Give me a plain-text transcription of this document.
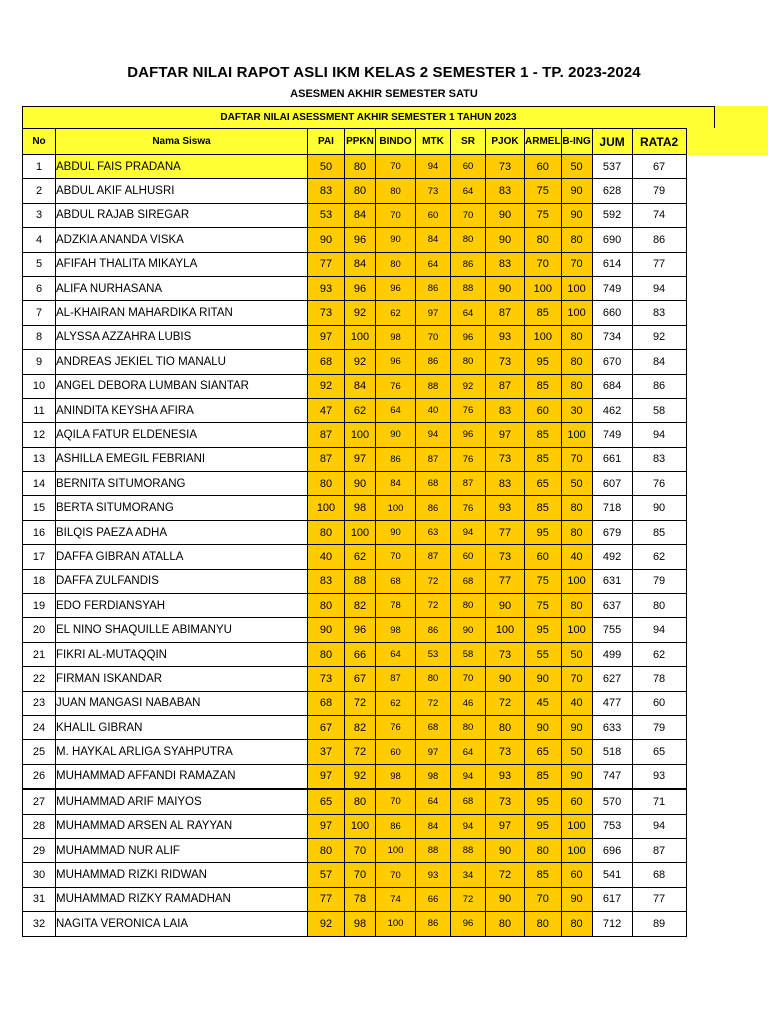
DAFTAR NILAI RAPOT ASLI IKM KELAS 2 SEMESTER 1 - TP. 2023-2024
ASESMEN AKHIR SEMESTER SATU
DAFTAR NILAI ASESSMENT AKHIR SEMESTER 1 TAHUN 2023
No	Nama Siswa	PAI	PPKN	BINDO	MTK	SR	PJOK	ARMEL	B-ING	JUM	RATA2
1	ABDUL FAIS PRADANA	50	80	70	94	60	73	60	50	537	67
2	ABDUL AKIF ALHUSRI	83	80	80	73	64	83	75	90	628	79
3	ABDUL RAJAB SIREGAR	53	84	70	60	70	90	75	90	592	74
4	ADZKIA ANANDA VISKA	90	96	90	84	80	90	80	80	690	86
5	AFIFAH THALITA MIKAYLA	77	84	80	64	86	83	70	70	614	77
6	ALIFA NURHASANA	93	96	96	86	88	90	100	100	749	94
7	AL-KHAIRAN MAHARDIKA RITAN	73	92	62	97	64	87	85	100	660	83
8	ALYSSA AZZAHRA LUBIS	97	100	98	70	96	93	100	80	734	92
9	ANDREAS JEKIEL TIO MANALU	68	92	96	86	80	73	95	80	670	84
10	ANGEL DEBORA LUMBAN SIANTAR	92	84	76	88	92	87	85	80	684	86
11	ANINDITA KEYSHA AFIRA	47	62	64	40	76	83	60	30	462	58
12	AQILA FATUR ELDENESIA	87	100	90	94	96	97	85	100	749	94
13	ASHILLA EMEGIL FEBRIANI	87	97	86	87	76	73	85	70	661	83
14	BERNITA SITUMORANG	80	90	84	68	87	83	65	50	607	76
15	BERTA SITUMORANG	100	98	100	86	76	93	85	80	718	90
16	BILQIS PAEZA ADHA	80	100	90	63	94	77	95	80	679	85
17	DAFFA GIBRAN ATALLA	40	62	70	87	60	73	60	40	492	62
18	DAFFA ZULFANDIS	83	88	68	72	68	77	75	100	631	79
19	EDO FERDIANSYAH	80	82	78	72	80	90	75	80	637	80
20	EL NINO SHAQUILLE ABIMANYU	90	96	98	86	90	100	95	100	755	94
21	FIKRI AL-MUTAQQIN	80	66	64	53	58	73	55	50	499	62
22	FIRMAN ISKANDAR	73	67	87	80	70	90	90	70	627	78
23	JUAN MANGASI NABABAN	68	72	62	72	46	72	45	40	477	60
24	KHALIL GIBRAN	67	82	76	68	80	80	90	90	633	79
25	M. HAYKAL ARLIGA SYAHPUTRA	37	72	60	97	64	73	65	50	518	65
26	MUHAMMAD AFFANDI RAMAZAN	97	92	98	98	94	93	85	90	747	93
27	MUHAMMAD ARIF MAIYOS	65	80	70	64	68	73	95	60	570	71
28	MUHAMMAD ARSEN AL RAYYAN	97	100	86	84	94	97	95	100	753	94
29	MUHAMMAD NUR ALIF	80	70	100	88	88	90	80	100	696	87
30	MUHAMMAD RIZKI RIDWAN	57	70	70	93	34	72	85	60	541	68
31	MUHAMMAD RIZKY RAMADHAN	77	78	74	66	72	90	70	90	617	77
32	NAGITA VERONICA LAIA	92	98	100	86	96	80	80	80	712	89
